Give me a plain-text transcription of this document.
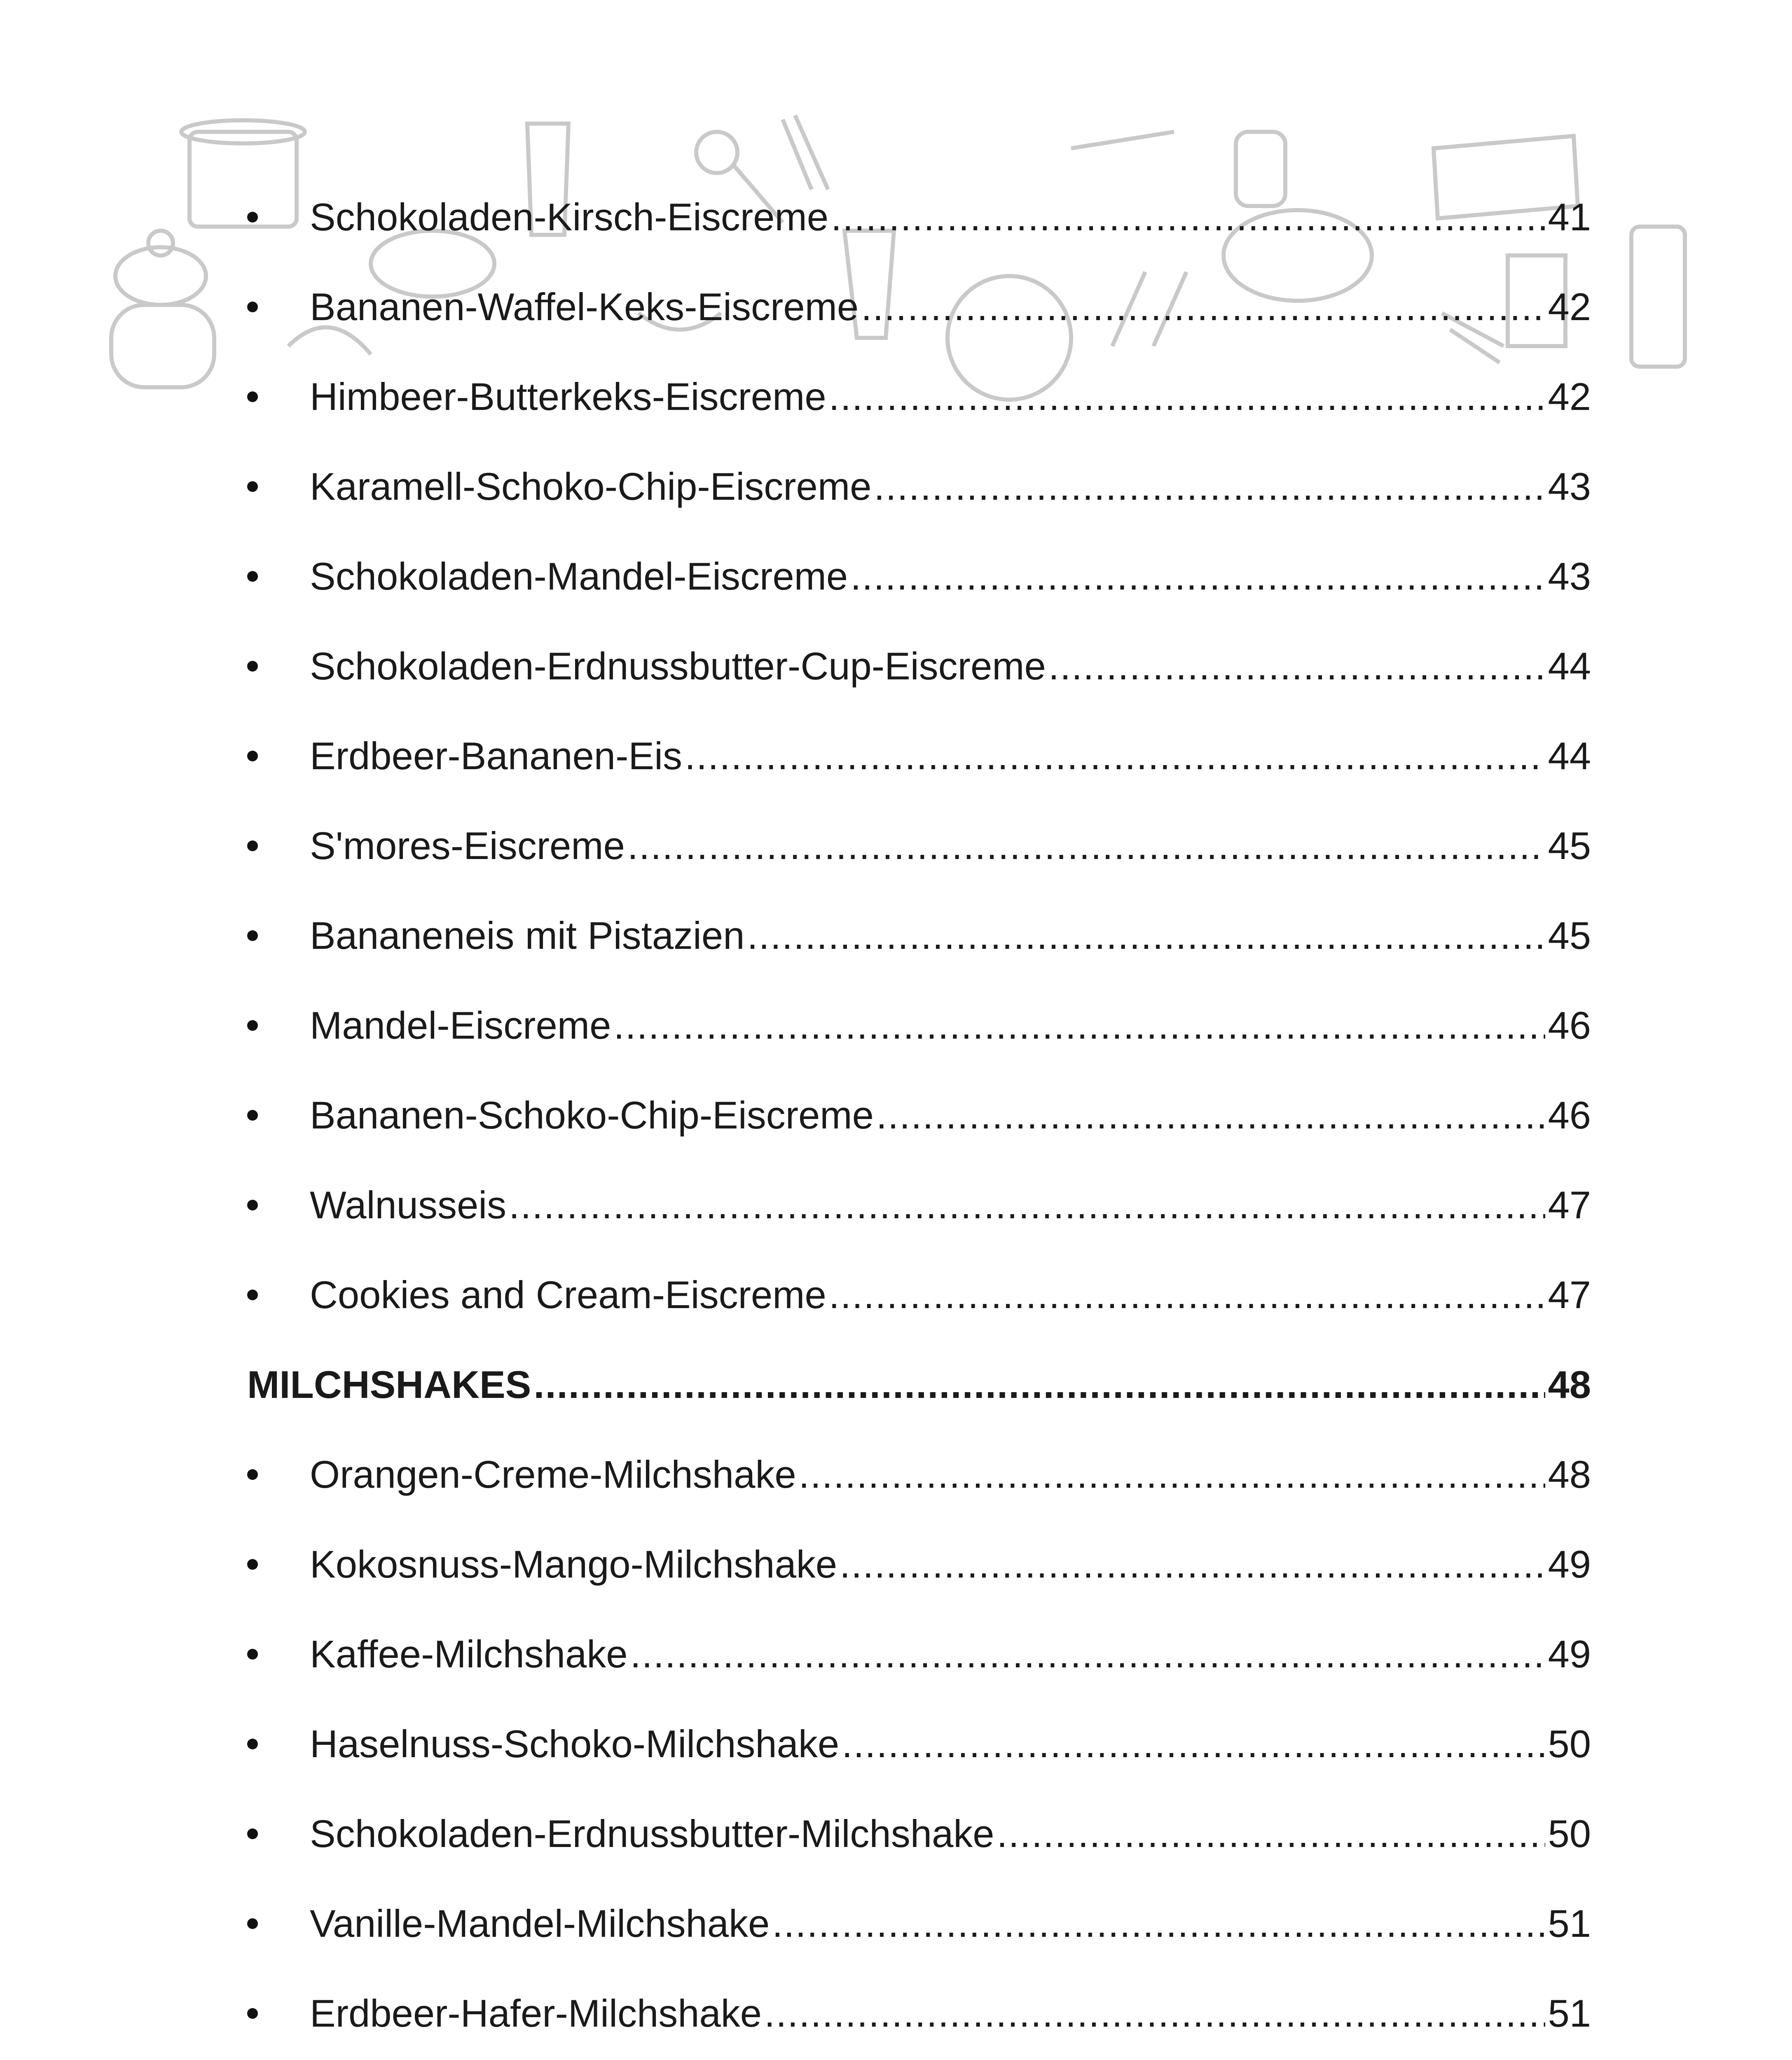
Schokoladen-Kirsch-Eiscreme .....	41
Bananen-Waffel-Keks-Eiscreme .....	42
Himbeer-Butterkeks-Eiscreme .....	42
Karamell-Schoko-Chip-Eiscreme .....	43
Schokoladen-Mandel-Eiscreme .....	43
Schokoladen-Erdnussbutter-Cup-Eiscreme .....	44
Erdbeer-Bananen-Eis .....	44
S'mores-Eiscreme .....	45
Bananeneis mit Pistazien .....	45
Mandel-Eiscreme .....	46
Bananen-Schoko-Chip-Eiscreme .....	46
Walnusseis .....	47
Cookies and Cream-Eiscreme .....	47
MILCHSHAKES .....	48
Orangen-Creme-Milchshake .....	48
Kokosnuss-Mango-Milchshake .....	49
Kaffee-Milchshake .....	49
Haselnuss-Schoko-Milchshake .....	50
Schokoladen-Erdnussbutter-Milchshake .....	50
Vanille-Mandel-Milchshake .....	51
Erdbeer-Hafer-Milchshake .....	51
